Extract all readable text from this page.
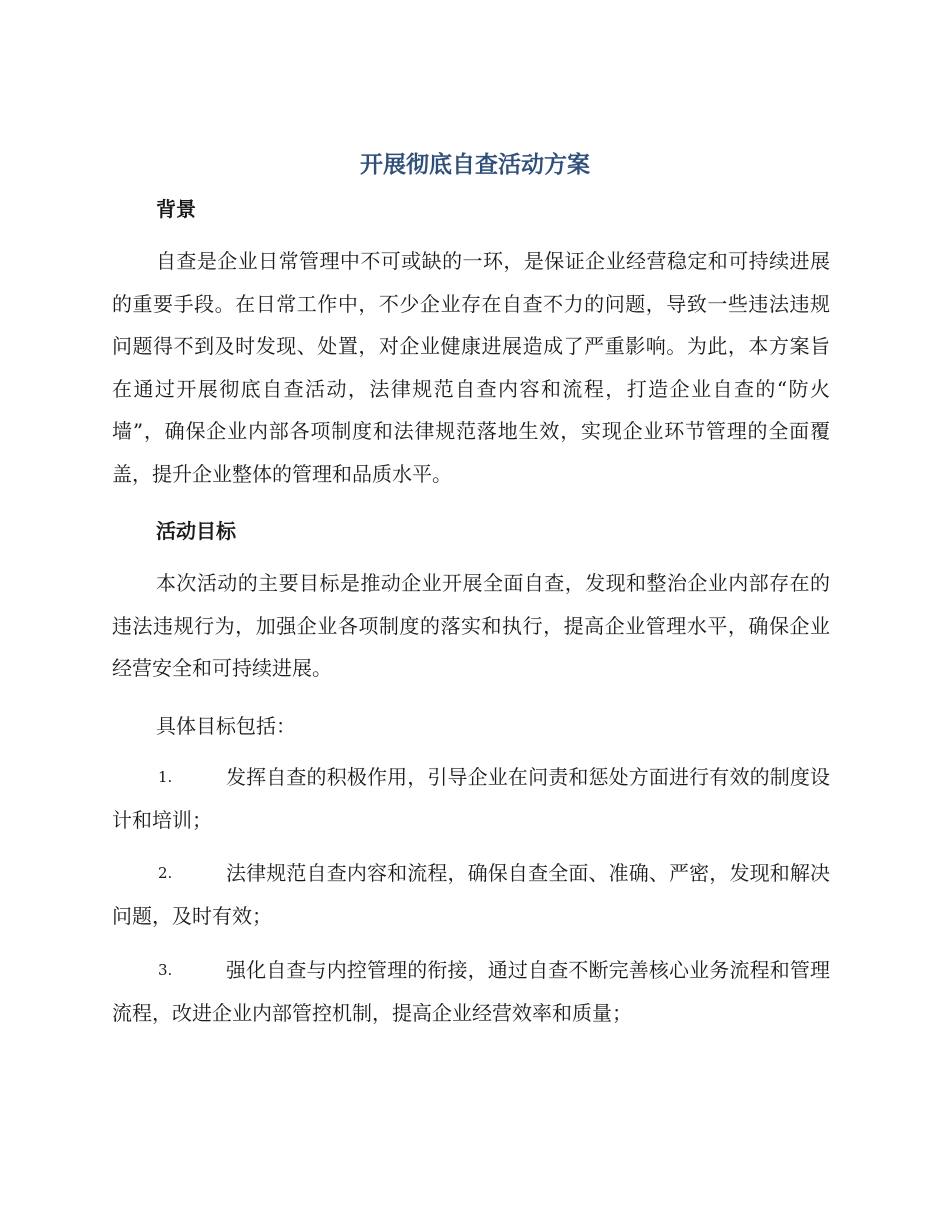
开展彻底自查活动方案
背景
自查是企业日常管理中不可或缺的一环，是保证企业经营稳定和可持续进展的重要手段。在日常工作中，不少企业存在自查不力的问题，导致一些违法违规问题得不到及时发现、处置，对企业健康进展造成了严重影响。为此，本方案旨在通过开展彻底自查活动，法律规范自查内容和流程，打造企业自查的“防火墙”，确保企业内部各项制度和法律规范落地生效，实现企业环节管理的全面覆盖，提升企业整体的管理和品质水平。
活动目标
本次活动的主要目标是推动企业开展全面自查，发现和整治企业内部存在的违法违规行为，加强企业各项制度的落实和执行，提高企业管理水平，确保企业经营安全和可持续进展。
具体目标包括：
1.	发挥自查的积极作用，引导企业在问责和惩处方面进行有效的制度设计和培训；
2.	法律规范自查内容和流程，确保自查全面、准确、严密，发现和解决问题，及时有效；
3.	强化自查与内控管理的衔接，通过自查不断完善核心业务流程和管理流程，改进企业内部管控机制，提高企业经营效率和质量；
